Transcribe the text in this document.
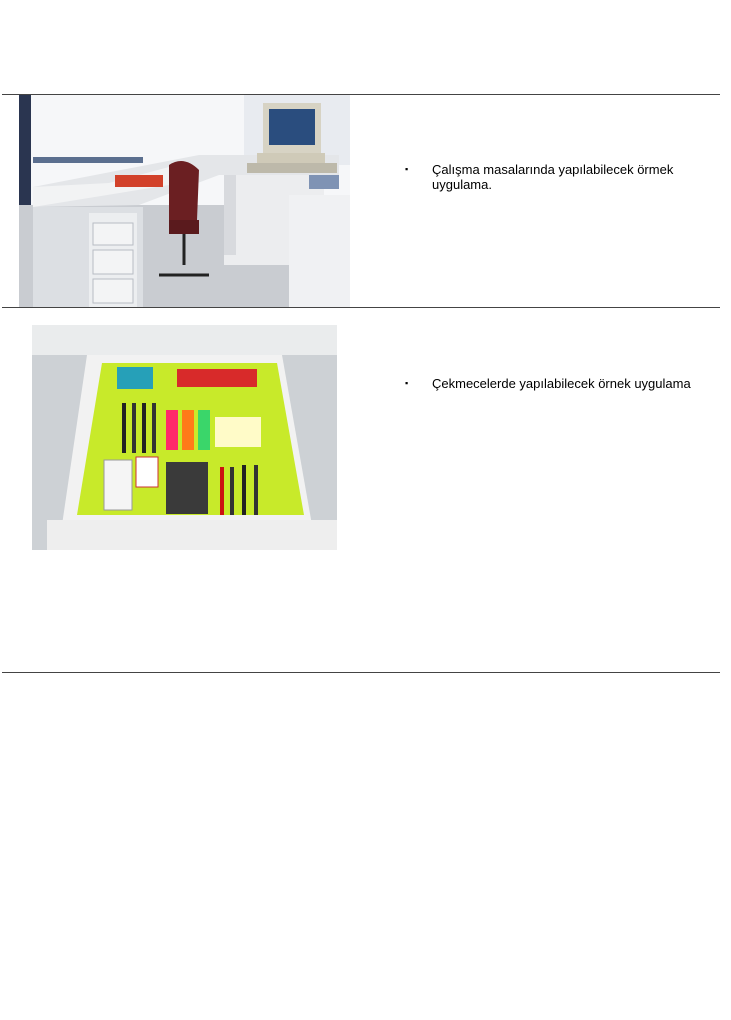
▪ Çalışma masalarında yapılabilecek örmek uygulama.
▪ Çekmecelerde yapılabilecek örnek uygulama
